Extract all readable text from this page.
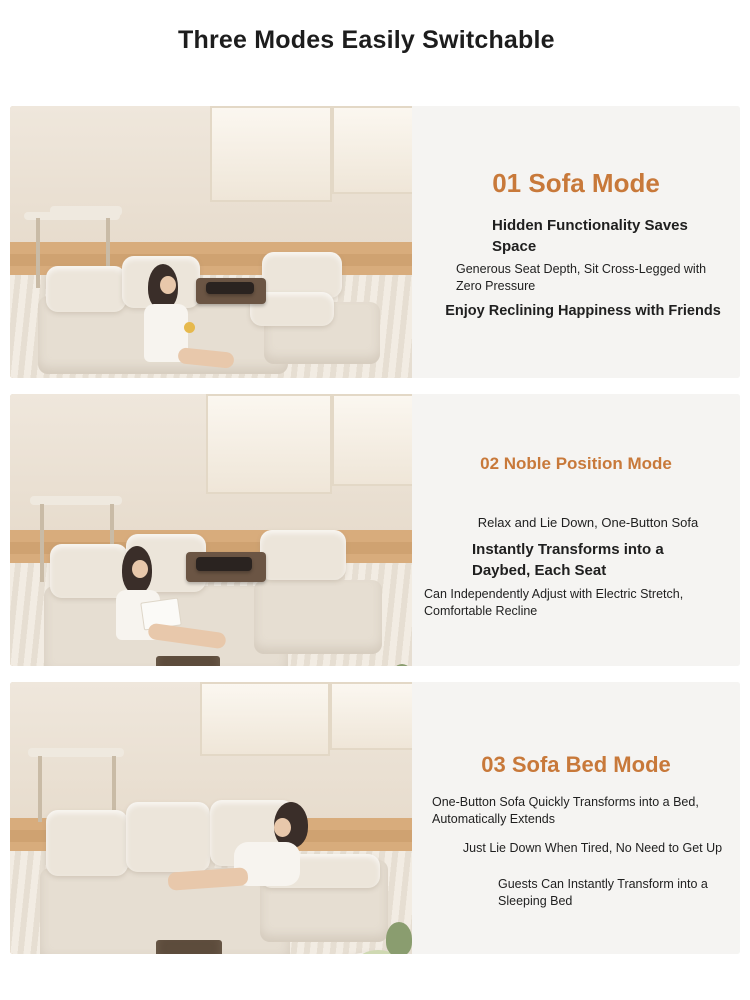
Three Modes Easily Switchable
01 Sofa Mode
Hidden Functionality Saves Space
Generous Seat Depth, Sit Cross-Legged with Zero Pressure
Enjoy Reclining Happiness with Friends
02 Noble Position Mode
Relax and Lie Down, One-Button Sofa
Instantly Transforms into a Daybed, Each Seat
Can Independently Adjust with Electric Stretch, Comfortable Recline
03 Sofa Bed Mode
One-Button Sofa Quickly Transforms into a Bed, Automatically Extends
Just Lie Down When Tired, No Need to Get Up
Guests Can Instantly Transform into a Sleeping Bed
